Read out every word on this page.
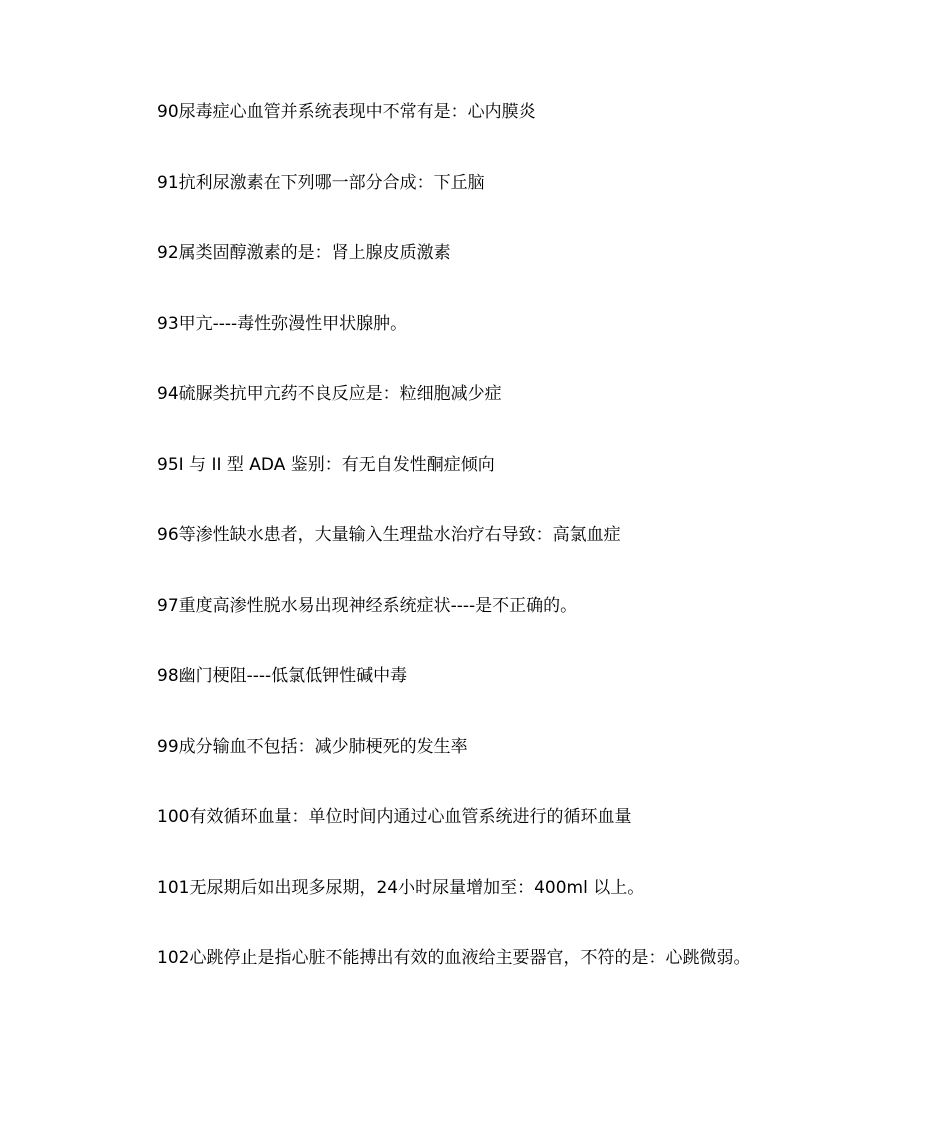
90尿毒症心血管并系统表现中不常有是：心内膜炎
91抗利尿激素在下列哪一部分合成：下丘脑
92属类固醇激素的是：肾上腺皮质激素
93甲亢----毒性弥漫性甲状腺肿。
94硫脲类抗甲亢药不良反应是：粒细胞减少症
95I 与 II 型 ADA 鉴别：有无自发性酮症倾向
96等渗性缺水患者，大量输入生理盐水治疗右导致：高氯血症
97重度高渗性脱水易出现神经系统症状----是不正确的。
98幽门梗阻----低氯低钾性碱中毒
99成分输血不包括：减少肺梗死的发生率
100有效循环血量：单位时间内通过心血管系统进行的循环血量
101无尿期后如出现多尿期，24小时尿量增加至：400ml 以上。
102心跳停止是指心脏不能搏出有效的血液给主要器官，不符的是：心跳微弱。
